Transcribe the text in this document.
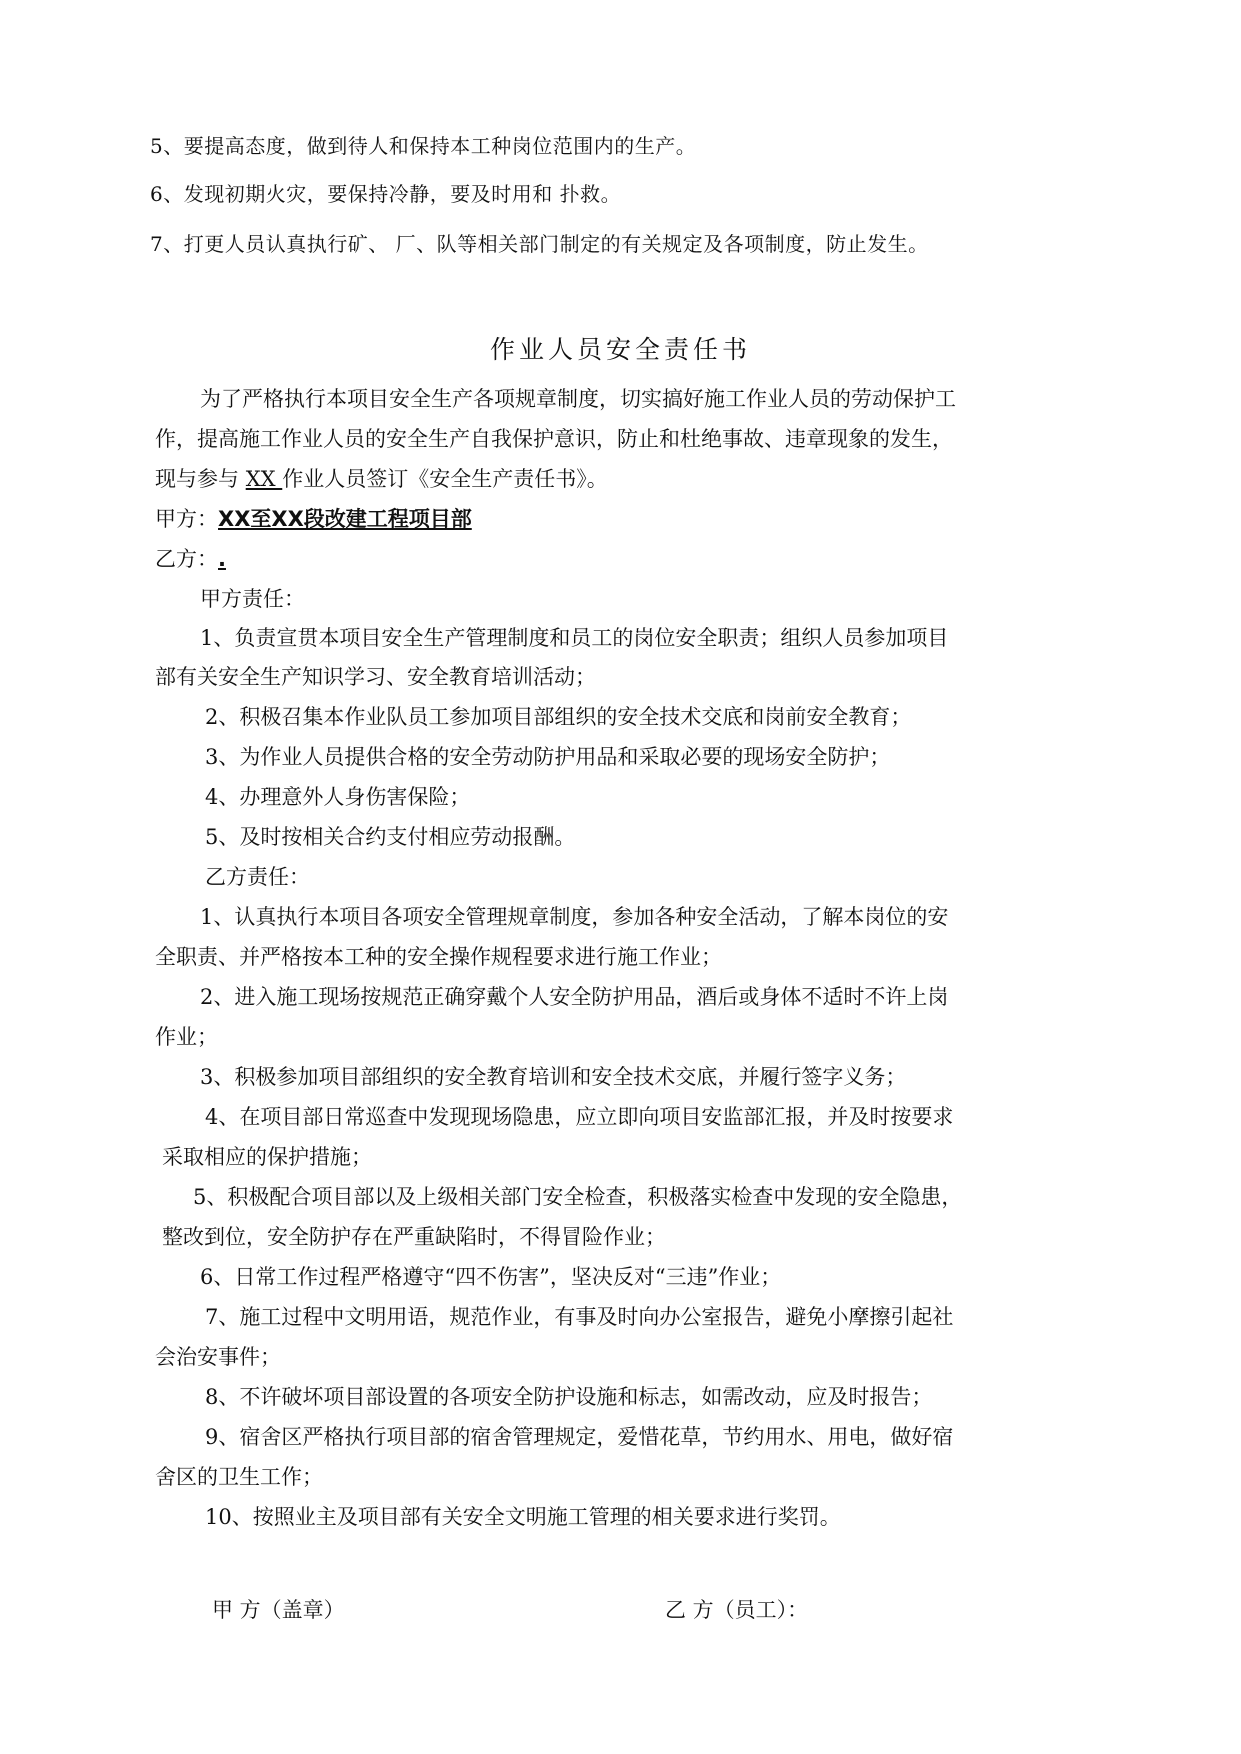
5、要提高态度，做到待人和保持本工种岗位范围内的生产。
6、发现初期火灾，要保持冷静，要及时用和 扑救。
7、打更人员认真执行矿、 厂、队等相关部门制定的有关规定及各项制度，防止发生。
作业人员安全责任书
为了严格执行本项目安全生产各项规章制度，切实搞好施工作业人员的劳动保护工
作，提高施工作业人员的安全生产自我保护意识，防止和杜绝事故、违章现象的发生，
现与参与 XX 作业人员签订《安全生产责任书》。
甲方：XX至XX段改建工程项目部
乙方：.
甲方责任：
1、负责宣贯本项目安全生产管理制度和员工的岗位安全职责；组织人员参加项目
部有关安全生产知识学习、安全教育培训活动；
2、积极召集本作业队员工参加项目部组织的安全技术交底和岗前安全教育；
3、为作业人员提供合格的安全劳动防护用品和采取必要的现场安全防护；
4、办理意外人身伤害保险；
5、及时按相关合约支付相应劳动报酬。
乙方责任：
1、认真执行本项目各项安全管理规章制度，参加各种安全活动，了解本岗位的安
全职责、并严格按本工种的安全操作规程要求进行施工作业；
2、进入施工现场按规范正确穿戴个人安全防护用品，酒后或身体不适时不许上岗
作业；
3、积极参加项目部组织的安全教育培训和安全技术交底，并履行签字义务；
4、在项目部日常巡查中发现现场隐患，应立即向项目安监部汇报，并及时按要求
采取相应的保护措施；
5、积极配合项目部以及上级相关部门安全检查，积极落实检查中发现的安全隐患，
整改到位，安全防护存在严重缺陷时，不得冒险作业；
6、日常工作过程严格遵守“四不伤害”，坚决反对“三违”作业；
7、施工过程中文明用语，规范作业，有事及时向办公室报告，避免小摩擦引起社
会治安事件；
8、不许破坏项目部设置的各项安全防护设施和标志，如需改动，应及时报告；
9、宿舍区严格执行项目部的宿舍管理规定，爱惜花草，节约用水、用电，做好宿
舍区的卫生工作；
10、按照业主及项目部有关安全文明施工管理的相关要求进行奖罚。
甲 方（盖章）	乙 方（员工）：
